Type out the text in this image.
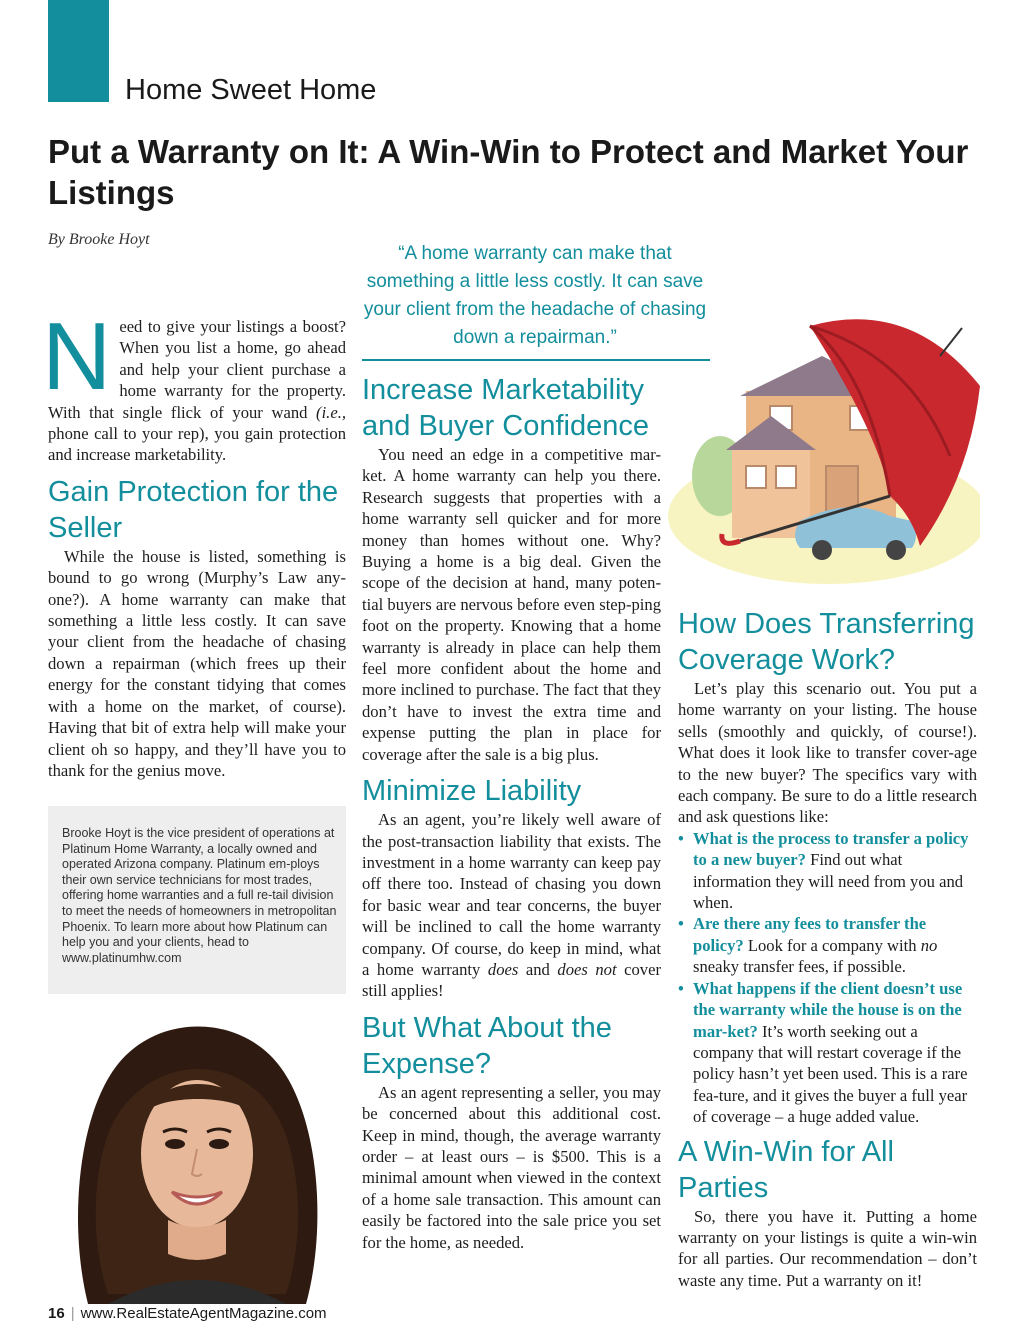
Home Sweet Home
Put a Warranty on It: A Win-Win to Protect and Market Your Listings
By Brooke Hoyt
“A home warranty can make that something a little less costly. It can save your client from the headache of chasing down a repairman.”

Need to give your listings a boost? When you list a home, go ahead and help your client purchase a home warranty for the property. With that single flick of your wand (i.e., phone call to your rep), you gain protection and increase marketability.

Gain Protection for the Seller

While the house is listed, something is bound to go wrong (Murphy’s Law any-one?). A home warranty can make that something a little less costly. It can save your client from the headache of chasing down a repairman (which frees up their energy for the constant tidying that comes with a home on the market, of course). Having that bit of extra help will make your client oh so happy, and they’ll have you to thank for the genius move.

Brooke Hoyt is the vice president of operations at Platinum Home Warranty, a locally owned and operated Arizona company. Platinum em-ploys their own service technicians for most trades, offering home warranties and a full re-tail division to meet the needs of homeowners in metropolitan Phoenix. To learn more about how Platinum can help you and your clients, head to www.platinumhw.com
Increase Marketability and Buyer Confidence

You need an edge in a competitive mar-ket. A home warranty can help you there. Research suggests that properties with a home warranty sell quicker and for more money than homes without one. Why? Buying a home is a big deal. Given the scope of the decision at hand, many poten-tial buyers are nervous before even step-ping foot on the property. Knowing that a home warranty is already in place can help them feel more confident about the home and more inclined to purchase. The fact that they don’t have to invest the extra time and expense putting the plan in place for coverage after the sale is a big plus.

Minimize Liability

As an agent, you’re likely well aware of the post-transaction liability that exists. The investment in a home warranty can keep pay off there too. Instead of chasing you down for basic wear and tear concerns, the buyer will be inclined to call the home warranty company. Of course, do keep in mind, what a home warranty does and does not cover still applies!

But What About the Expense?

As an agent representing a seller, you may be concerned about this additional cost. Keep in mind, though, the average warranty order – at least ours – is $500. This is a minimal amount when viewed in the context of a home sale transaction. This amount can easily be factored into the sale price you set for the home, as needed.

How Does Transferring Coverage Work?

Let’s play this scenario out. You put a home warranty on your listing. The house sells (smoothly and quickly, of course!). What does it look like to transfer cover-age to the new buyer? The specifics vary with each company. Be sure to do a little research and ask questions like:

• What is the process to transfer a policy to a new buyer? Find out what information they will need from you and when.
• Are there any fees to transfer the policy? Look for a company with no sneaky transfer fees, if possible.
• What happens if the client doesn’t use the warranty while the house is on the mar-ket? It’s worth seeking out a company that will restart coverage if the policy hasn’t yet been used. This is a rare fea-ture, and it gives the buyer a full year of coverage – a huge added value.
A Win-Win for All Parties

So, there you have it. Putting a home warranty on your listings is quite a win-win for all parties. Our recommendation – don’t waste any time. Put a warranty on it!

16 | www.RealEstateAgentMagazine.com
